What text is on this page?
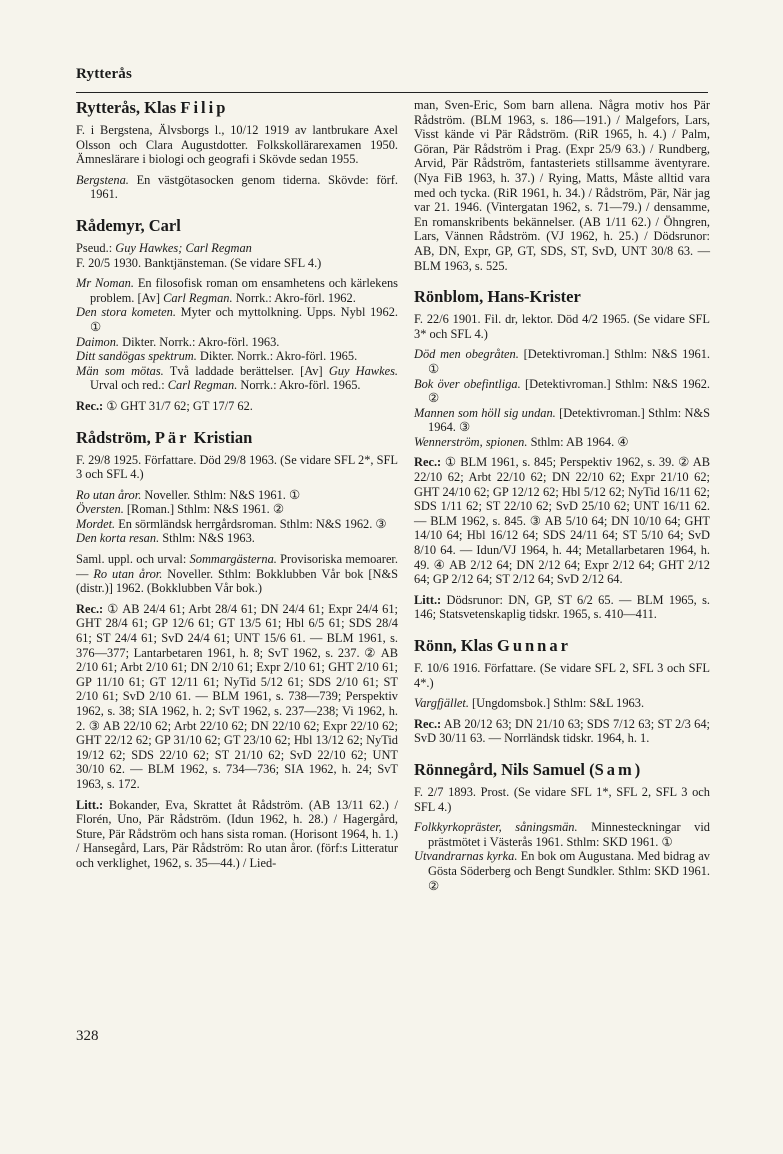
Rytterås
Rytterås, Klas Filip

F. i Bergstena, Älvsborgs l., 10/12 1919 av lantbrukare Axel Olsson och Clara Augustdotter. Folkskollärarexamen 1950. Ämneslärare i biologi och geografi i Skövde sedan 1955.

Bergstena. En västgötasocken genom tiderna. Skövde: förf. 1961.

Rådemyr, Carl

Pseud.: Guy Hawkes; Carl Regman

F. 20/5 1930. Banktjänsteman. (Se vidare SFL 4.)

Mr Noman. En filosofisk roman om ensamhetens och kärlekens problem. [Av] Carl Regman. Norrk.: Akro-förl. 1962.

Den stora kometen. Myter och myttolkning. Upps. Nybl 1962. ①

Daimon. Dikter. Norrk.: Akro-förl. 1963.

Ditt sandögas spektrum. Dikter. Norrk.: Akro-förl. 1965.

Män som mötas. Två laddade berättelser. [Av] Guy Hawkes. Urval och red.: Carl Regman. Norrk.: Akro-förl. 1965.

Rec.: ① GHT 31/7 62; GT 17/7 62.

Rådström, Pär Kristian

F. 29/8 1925. Författare. Död 29/8 1963. (Se vidare SFL 2*, SFL 3 och SFL 4.)

Ro utan åror. Noveller. Sthlm: N&S 1961. ①

Översten. [Roman.] Sthlm: N&S 1961. ②

Mordet. En sörmländsk herrgårdsroman. Sthlm: N&S 1962. ③

Den korta resan. Sthlm: N&S 1963.

Saml. uppl. och urval: Sommargästerna. Provisoriska memoarer. — Ro utan åror. Noveller. Sthlm: Bokklubben Vår bok [N&S (distr.)] 1962. (Bokklubben Vår bok.)

Rec.: ① AB 24/4 61; Arbt 28/4 61; DN 24/4 61; Expr 24/4 61; GHT 28/4 61; GP 12/6 61; GT 13/5 61; Hbl 6/5 61; SDS 28/4 61; ST 24/4 61; SvD 24/4 61; UNT 15/6 61. — BLM 1961, s. 376—377; Lantarbetaren 1961, h. 8; SvT 1962, s. 237. ② AB 2/10 61; Arbt 2/10 61; DN 2/10 61; Expr 2/10 61; GHT 2/10 61; GP 11/10 61; GT 12/11 61; NyTid 5/12 61; SDS 2/10 61; ST 2/10 61; SvD 2/10 61. — BLM 1961, s. 738—739; Perspektiv 1962, s. 38; SIA 1962, h. 2; SvT 1962, s. 237—238; Vi 1962, h. 2. ③ AB 22/10 62; Arbt 22/10 62; DN 22/10 62; Expr 22/10 62; GHT 22/12 62; GP 31/10 62; GT 23/10 62; Hbl 13/12 62; NyTid 19/12 62; SDS 22/10 62; ST 21/10 62; SvD 22/10 62; UNT 30/10 62. — BLM 1962, s. 734—736; SIA 1962, h. 24; SvT 1963, s. 172.

Litt.: Bokander, Eva, Skrattet åt Rådström. (AB 13/11 62.) / Florén, Uno, Pär Rådström. (Idun 1962, h. 28.) / Hagergård, Sture, Pär Rådström och hans sista roman. (Horisont 1964, h. 1.) / Hansegård, Lars, Pär Rådström: Ro utan åror. (förf:s Litteratur och verklighet, 1962, s. 35—44.) / Lied-

man, Sven-Eric, Som barn allena. Några motiv hos Pär Rådström. (BLM 1963, s. 186—191.) / Malgefors, Lars, Visst kände vi Pär Rådström. (RiR 1965, h. 4.) / Palm, Göran, Pär Rådström i Prag. (Expr 25/9 63.) / Rundberg, Arvid, Pär Rådström, fantasteriets stillsamme äventyrare. (Nya FiB 1963, h. 37.) / Rying, Matts, Måste alltid vara med och tycka. (RiR 1961, h. 34.) / Rådström, Pär, När jag var 21. 1946. (Vintergatan 1962, s. 71—79.) / densamme, En romanskribents bekännelser. (AB 1/11 62.) / Öhngren, Lars, Vännen Rådström. (VJ 1962, h. 25.) / Dödsrunor: AB, DN, Expr, GP, GT, SDS, ST, SvD, UNT 30/8 63. — BLM 1963, s. 525.

Rönblom, Hans-Krister

F. 22/6 1901. Fil. dr, lektor. Död 4/2 1965. (Se vidare SFL 3* och SFL 4.)

Död men obegråten. [Detektivroman.] Sthlm: N&S 1961. ①

Bok över obefintliga. [Detektivroman.] Sthlm: N&S 1962. ②

Mannen som höll sig undan. [Detektivroman.] Sthlm: N&S 1964. ③

Wennerström, spionen. Sthlm: AB 1964. ④

Rec.: ① BLM 1961, s. 845; Perspektiv 1962, s. 39. ② AB 22/10 62; Arbt 22/10 62; DN 22/10 62; Expr 21/10 62; GHT 24/10 62; GP 12/12 62; Hbl 5/12 62; NyTid 16/11 62; SDS 1/11 62; ST 22/10 62; SvD 25/10 62; UNT 16/11 62. — BLM 1962, s. 845. ③ AB 5/10 64; DN 10/10 64; GHT 14/10 64; Hbl 16/12 64; SDS 24/11 64; ST 5/10 64; SvD 8/10 64. — Idun/VJ 1964, h. 44; Metallarbetaren 1964, h. 49. ④ AB 2/12 64; DN 2/12 64; Expr 2/12 64; GHT 2/12 64; GP 2/12 64; ST 2/12 64; SvD 2/12 64.

Litt.: Dödsrunor: DN, GP, ST 6/2 65. — BLM 1965, s. 146; Statsvetenskaplig tidskr. 1965, s. 410—411.

Rönn, Klas Gunnar

F. 10/6 1916. Författare. (Se vidare SFL 2, SFL 3 och SFL 4*.)

Vargfjället. [Ungdomsbok.] Sthlm: S&L 1963.

Rec.: AB 20/12 63; DN 21/10 63; SDS 7/12 63; ST 2/3 64; SvD 30/11 63. — Norrländsk tidskr. 1964, h. 1.

Rönnegård, Nils Samuel (Sam)

F. 2/7 1893. Prost. (Se vidare SFL 1*, SFL 2, SFL 3 och SFL 4.)

Folkkyrkopräster, såningsmän. Minnesteckningar vid prästmötet i Västerås 1961. Sthlm: SKD 1961. ①

Utvandrarnas kyrka. En bok om Augustana. Med bidrag av Gösta Söderberg och Bengt Sundkler. Sthlm: SKD 1961. ②

328
